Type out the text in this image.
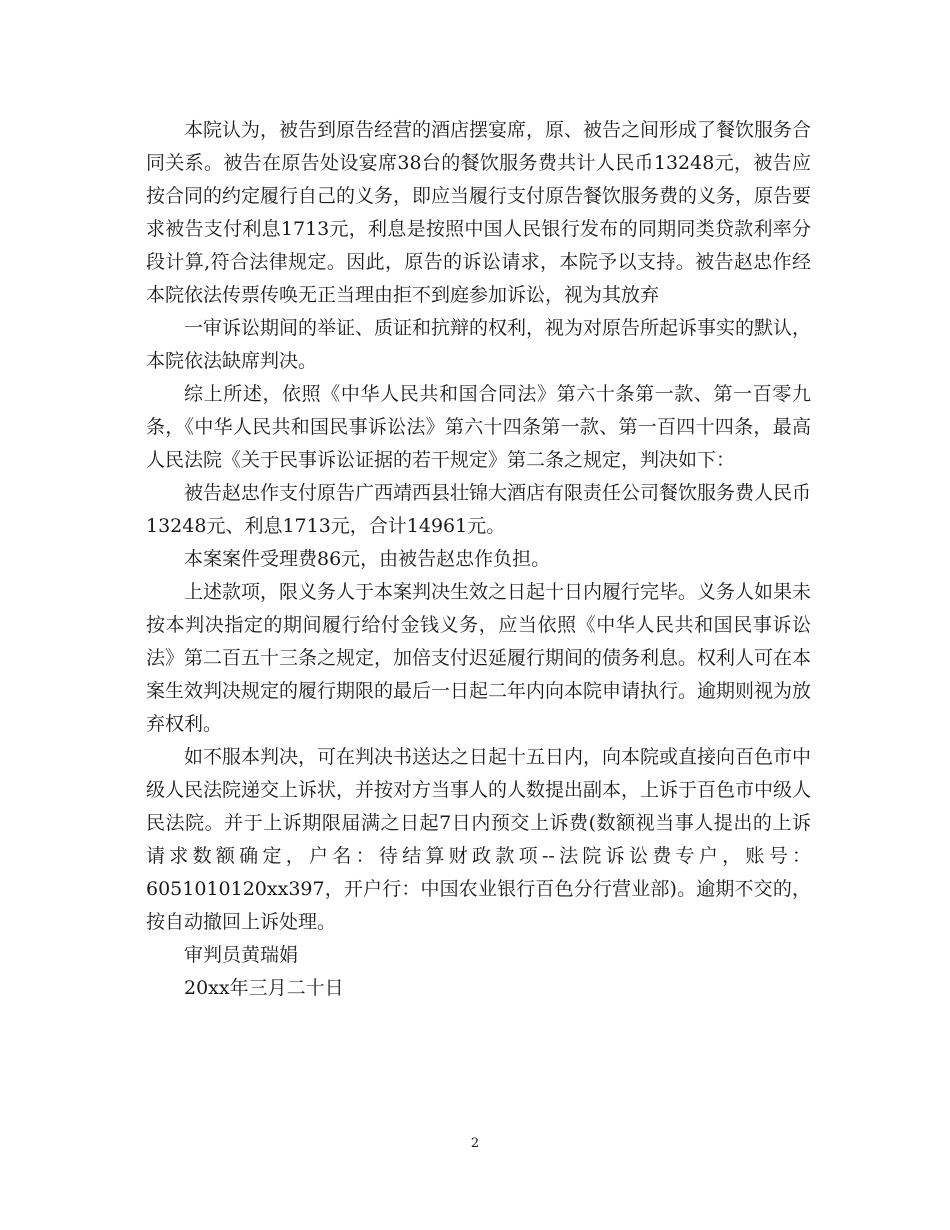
本院认为，被告到原告经营的酒店摆宴席，原、被告之间形成了餐饮服务合同关系。被告在原告处设宴席38台的餐饮服务费共计人民币13248元，被告应按合同的约定履行自己的义务，即应当履行支付原告餐饮服务费的义务，原告要求被告支付利息1713元，利息是按照中国人民银行发布的同期同类贷款利率分段计算,符合法律规定。因此，原告的诉讼请求，本院予以支持。被告赵忠作经本院依法传票传唤无正当理由拒不到庭参加诉讼，视为其放弃

一审诉讼期间的举证、质证和抗辩的权利，视为对原告所起诉事实的默认，本院依法缺席判决。

综上所述，依照《中华人民共和国合同法》第六十条第一款、第一百零九条，《中华人民共和国民事诉讼法》第六十四条第一款、第一百四十四条，最高人民法院《关于民事诉讼证据的若干规定》第二条之规定，判决如下：

被告赵忠作支付原告广西靖西县壮锦大酒店有限责任公司餐饮服务费人民币13248元、利息1713元，合计14961元。

本案案件受理费86元，由被告赵忠作负担。

上述款项，限义务人于本案判决生效之日起十日内履行完毕。义务人如果未按本判决指定的期间履行给付金钱义务，应当依照《中华人民共和国民事诉讼法》第二百五十三条之规定，加倍支付迟延履行期间的债务利息。权利人可在本案生效判决规定的履行期限的最后一日起二年内向本院申请执行。逾期则视为放弃权利。

如不服本判决，可在判决书送达之日起十五日内，向本院或直接向百色市中级人民法院递交上诉状，并按对方当事人的人数提出副本，上诉于百色市中级人民法院。并于上诉期限届满之日起7日内预交上诉费(数额视当事人提出的上诉请求数额确定，户名：待结算财政款项--法院诉讼费专户，账号：6051010120xx397，开户行：中国农业银行百色分行营业部)。逾期不交的，按自动撤回上诉处理。

审判员黄瑞娟

20xx年三月二十日

2
